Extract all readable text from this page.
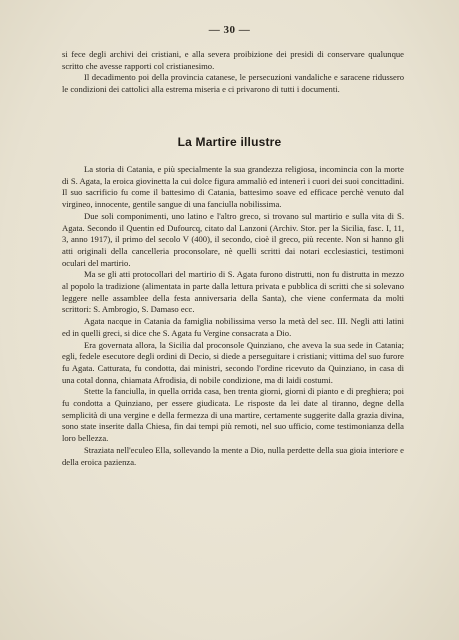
— 30 —

si fece degli archivi dei cristiani, e alla severa proibizione dei presidi di conservare qualunque scritto che avesse rapporti col cristianesimo.

Il decadimento poi della provincia catanese, le persecuzioni vandaliche e saracene ridussero le condizioni dei cattolici alla estrema miseria e ci privarono di tutti i documenti.

La Martire illustre

La storia di Catania, e più specialmente la sua grandezza religiosa, incomincia con la morte di S. Agata, la eroica giovinetta la cui dolce figura ammaliò ed intenerì i cuori dei suoi concittadini. Il suo sacrificio fu come il battesimo di Catania, battesimo soave ed efficace perchè venuto dal virgineo, innocente, gentile sangue di una fanciulla nobilissima.

Due soli componimenti, uno latino e l'altro greco, si trovano sul martirio e sulla vita di S. Agata. Secondo il Quentin ed Dufourcq, citato dal Lanzoni (Archiv. Stor. per la Sicilia, fasc. I, 11, 3, anno 1917), il primo del secolo V (400), il secondo, cioè il greco, più recente. Non si hanno gli atti originali della cancelleria proconsolare, nè quelli scritti dai notari ecclesiastici, testimoni oculari del martirio.

Ma se gli atti protocollari del martirio di S. Agata furono distrutti, non fu distrutta in mezzo al popolo la tradizione (alimentata in parte dalla lettura privata e pubblica di scritti che si solevano leggere nelle assamblee della festa anniversaria della Santa), che viene confermata da molti scrittori: S. Ambrogio, S. Damaso ecc.

Agata nacque in Catania da famiglia nobilissima verso la metà del sec. III. Negli atti latini ed in quelli greci, si dice che S. Agata fu Vergine consacrata a Dio.

Era governata allora, la Sicilia dal proconsole Quinziano, che aveva la sua sede in Catania; egli, fedele esecutore degli ordini di Decio, si diede a perseguitare i cristiani; vittima del suo furore fu Agata. Catturata, fu condotta, dai ministri, secondo l'ordine ricevuto da Quinziano, in casa di una cotal donna, chiamata Afrodisia, di nobile condizione, ma di laidi costumi.

Stette la fanciulla, in quella orrida casa, ben trenta giorni, giorni di pianto e di preghiera; poi fu condotta a Quinziano, per essere giudicata. Le risposte da lei date al tiranno, degne della semplicità di una vergine e della fermezza di una martire, certamente suggerite dalla grazia divina, sono state inserite dalla Chiesa, fin dai tempi più remoti, nel suo ufficio, come testimonianza della loro bellezza.

Straziata nell'eculeo Ella, sollevando la mente a Dio, nulla perdette della sua gioia interiore e della eroica pazienza.
